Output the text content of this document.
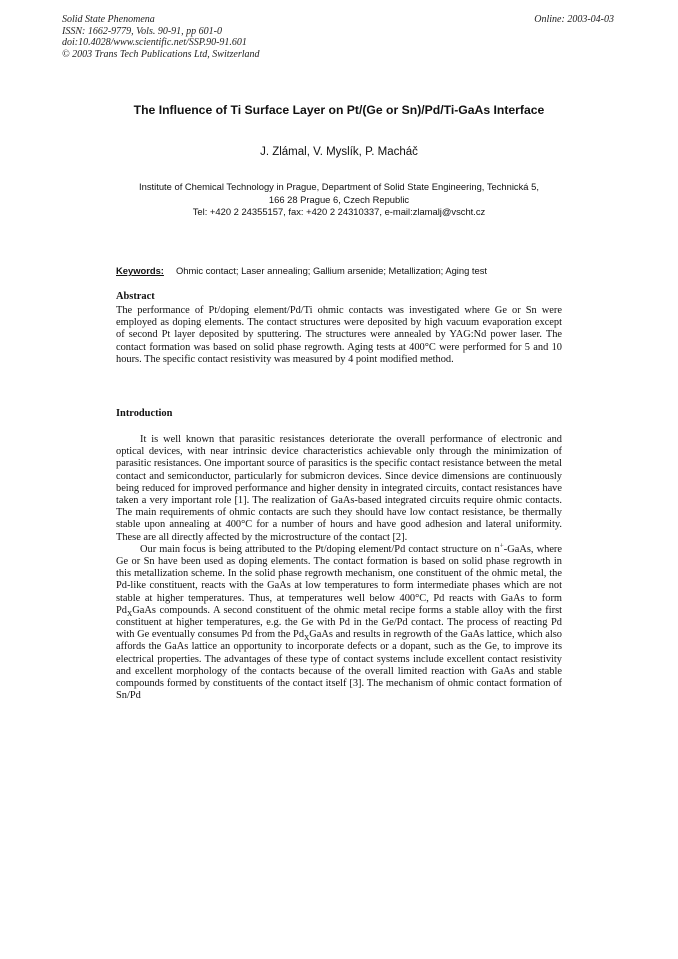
Solid State Phenomena
ISSN: 1662-9779, Vols. 90-91, pp 601-0
doi:10.4028/www.scientific.net/SSP.90-91.601
© 2003 Trans Tech Publications Ltd, Switzerland
Online: 2003-04-03
The Influence of Ti Surface Layer on Pt/(Ge or Sn)/Pd/Ti-GaAs Interface
J. Zlámal, V. Myslík, P. Macháč
Institute of Chemical Technology in Prague, Department of Solid State Engineering, Technická 5,
166 28 Prague 6, Czech Republic
Tel: +420 2 24355157, fax: +420 2 24310337, e-mail:zlamalj@vscht.cz
Keywords: Ohmic contact; Laser annealing; Gallium arsenide; Metallization; Aging test
Abstract
The performance of Pt/doping element/Pd/Ti ohmic contacts was investigated where Ge or Sn were employed as doping elements. The contact structures were deposited by high vacuum evaporation except of second Pt layer deposited by sputtering. The structures were annealed by YAG:Nd power laser. The contact formation was based on solid phase regrowth. Aging tests at 400°C were performed for 5 and 10 hours. The specific contact resistivity was measured by 4 point modified method.
Introduction

It is well known that parasitic resistances deteriorate the overall performance of electronic and optical devices, with near intrinsic device characteristics achievable only through the minimization of parasitic resistances. One important source of parasitics is the specific contact resistance between the metal contact and semiconductor, particularly for submicron devices. Since device dimensions are continuously being reduced for improved performance and higher density in integrated circuits, contact resistances have taken a very important role [1]. The realization of GaAs-based integrated circuits require ohmic contacts. The main requirements of ohmic contacts are such they should have low contact resistance, be thermally stable upon annealing at 400°C for a number of hours and have good adhesion and lateral uniformity. These are all directly affected by the microstructure of the contact [2].

Our main focus is being attributed to the Pt/doping element/Pd contact structure on n+-GaAs, where Ge or Sn have been used as doping elements. The contact formation is based on solid phase regrowth in this metallization scheme. In the solid phase regrowth mechanism, one constituent of the ohmic metal, the Pd-like constituent, reacts with the GaAs at low temperatures to form intermediate phases which are not stable at higher temperatures. Thus, at temperatures well below 400°C, Pd reacts with GaAs to form $Pd_XGaAs$ compounds. A second constituent of the ohmic metal recipe forms a stable alloy with the first constituent at higher temperatures, e.g. the Ge with Pd in the Ge/Pd contact. The process of reacting Pd with Ge eventually consumes Pd from the $Pd_XGaAs$ and results in regrowth of the GaAs lattice, which also affords the GaAs lattice an opportunity to incorporate defects or a dopant, such as the Ge, to improve its electrical properties. The advantages of these type of contact systems include excellent contact resistivity and excellent morphology of the contacts because of the overall limited reaction with GaAs and stable compounds formed by constituents of the contact itself [3]. The mechanism of ohmic contact formation of Sn/Pd
